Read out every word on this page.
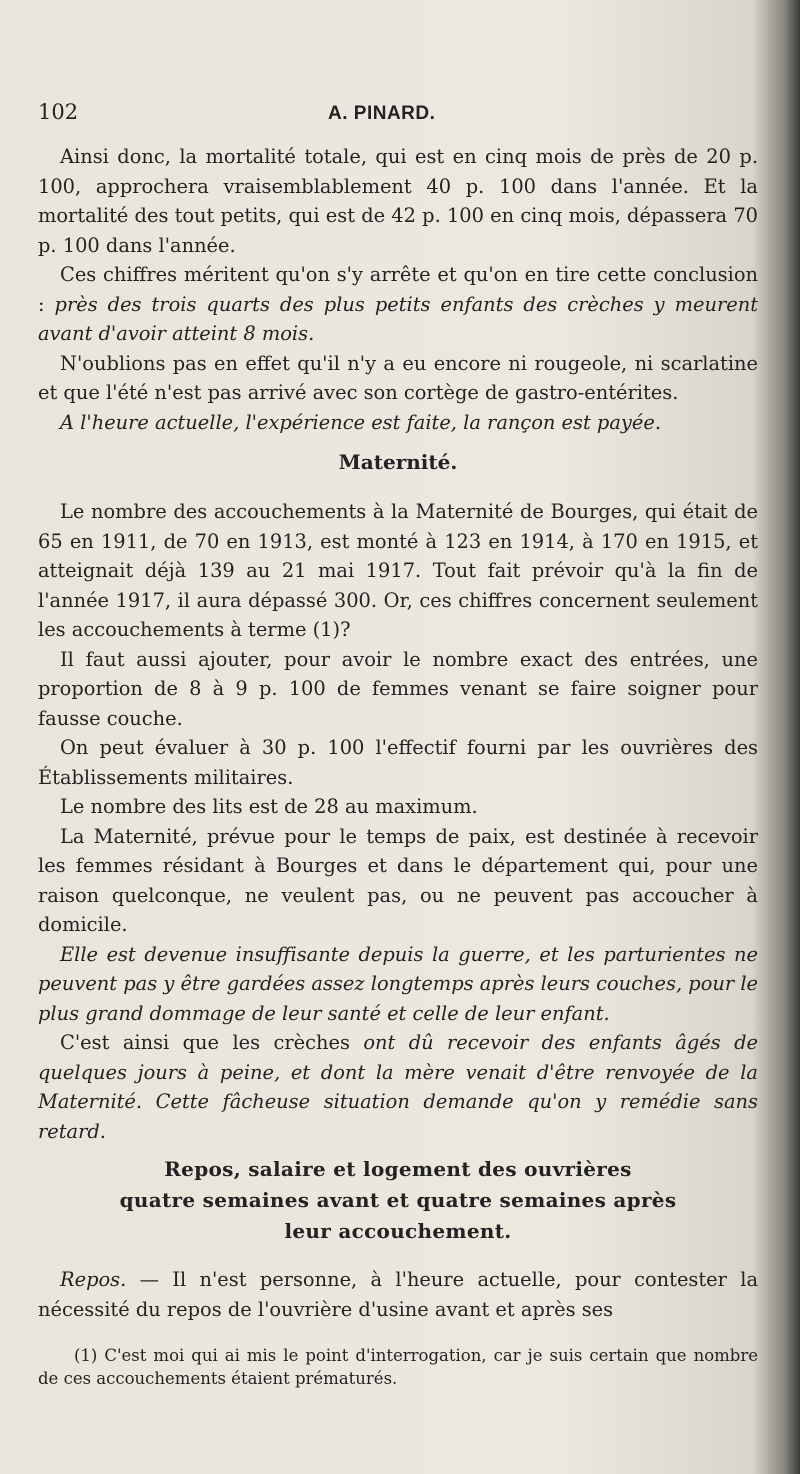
102	A. PINARD.

Ainsi donc, la mortalité totale, qui est en cinq mois de près de 20 p. 100, approchera vraisemblablement 40 p. 100 dans l'année. Et la mortalité des tout petits, qui est de 42 p. 100 en cinq mois, dépassera 70 p. 100 dans l'année.

Ces chiffres méritent qu'on s'y arrête et qu'on en tire cette conclusion : près des trois quarts des plus petits enfants des crèches y meurent avant d'avoir atteint 8 mois.

N'oublions pas en effet qu'il n'y a eu encore ni rougeole, ni scarlatine et que l'été n'est pas arrivé avec son cortège de gastro-entérites.

A l'heure actuelle, l'expérience est faite, la rançon est payée.

Maternité.

Le nombre des accouchements à la Maternité de Bourges, qui était de 65 en 1911, de 70 en 1913, est monté à 123 en 1914, à 170 en 1915, et atteignait déjà 139 au 21 mai 1917. Tout fait prévoir qu'à la fin de l'année 1917, il aura dépassé 300. Or, ces chiffres concernent seulement les accouchements à terme (1)?

Il faut aussi ajouter, pour avoir le nombre exact des entrées, une proportion de 8 à 9 p. 100 de femmes venant se faire soigner pour fausse couche.

On peut évaluer à 30 p. 100 l'effectif fourni par les ouvrières des Établissements militaires.

Le nombre des lits est de 28 au maximum.

La Maternité, prévue pour le temps de paix, est destinée à recevoir les femmes résidant à Bourges et dans le département qui, pour une raison quelconque, ne veulent pas, ou ne peuvent pas accoucher à domicile.

Elle est devenue insuffisante depuis la guerre, et les parturientes ne peuvent pas y être gardées assez longtemps après leurs couches, pour le plus grand dommage de leur santé et celle de leur enfant.

C'est ainsi que les crèches ont dû recevoir des enfants âgés de quelques jours à peine, et dont la mère venait d'être renvoyée de la Maternité. Cette fâcheuse situation demande qu'on y remédie sans retard.

Repos, salaire et logement des ouvrières
quatre semaines avant et quatre semaines après
leur accouchement.

Repos. — Il n'est personne, à l'heure actuelle, pour contester la nécessité du repos de l'ouvrière d'usine avant et après ses

(1) C'est moi qui ai mis le point d'interrogation, car je suis certain que nombre de ces accouchements étaient prématurés.
